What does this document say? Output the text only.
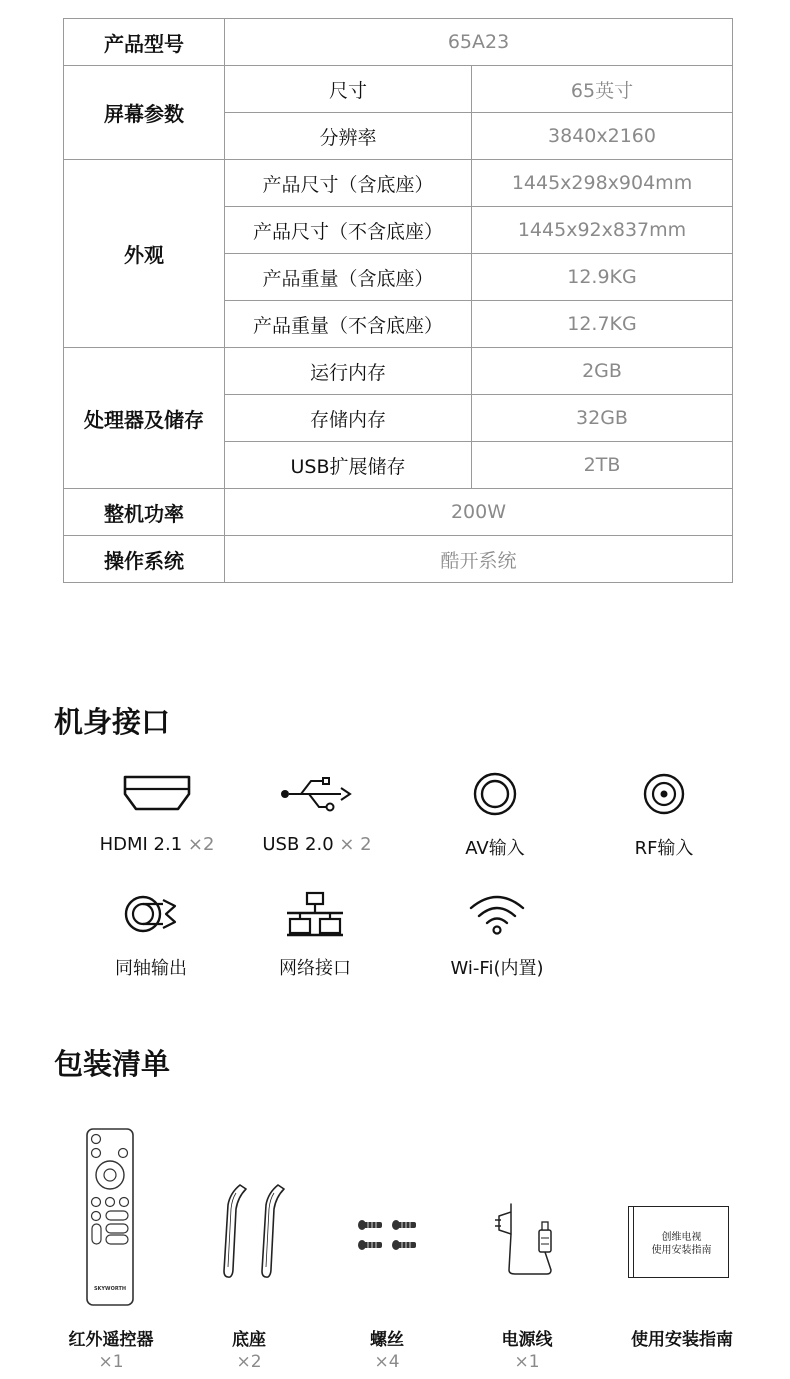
产品型号	65A23	
屏幕参数	尺寸	65英寸
	分辨率	3840x2160
外观	产品尺寸（含底座）	1445x298x904mm
	产品尺寸（不含底座）	1445x92x837mm
	产品重量（含底座）	12.9KG
	产品重量（不含底座）	12.7KG
处理器及储存	运行内存	2GB
	存储内存	32GB
	USB扩展储存	2TB
整机功率	200W	
操作系统	酷开系统	
机身接口
HDMI 2.1 ×2	USB 2.0 × 2	AV输入	RF输入
同轴输出	网络接口	Wi-Fi(内置)
包装清单
SKYWORTH
创维电视
使用安装指南
红外遥控器
×1
底座
×2
螺丝
×4
电源线
×1
使用安装指南
